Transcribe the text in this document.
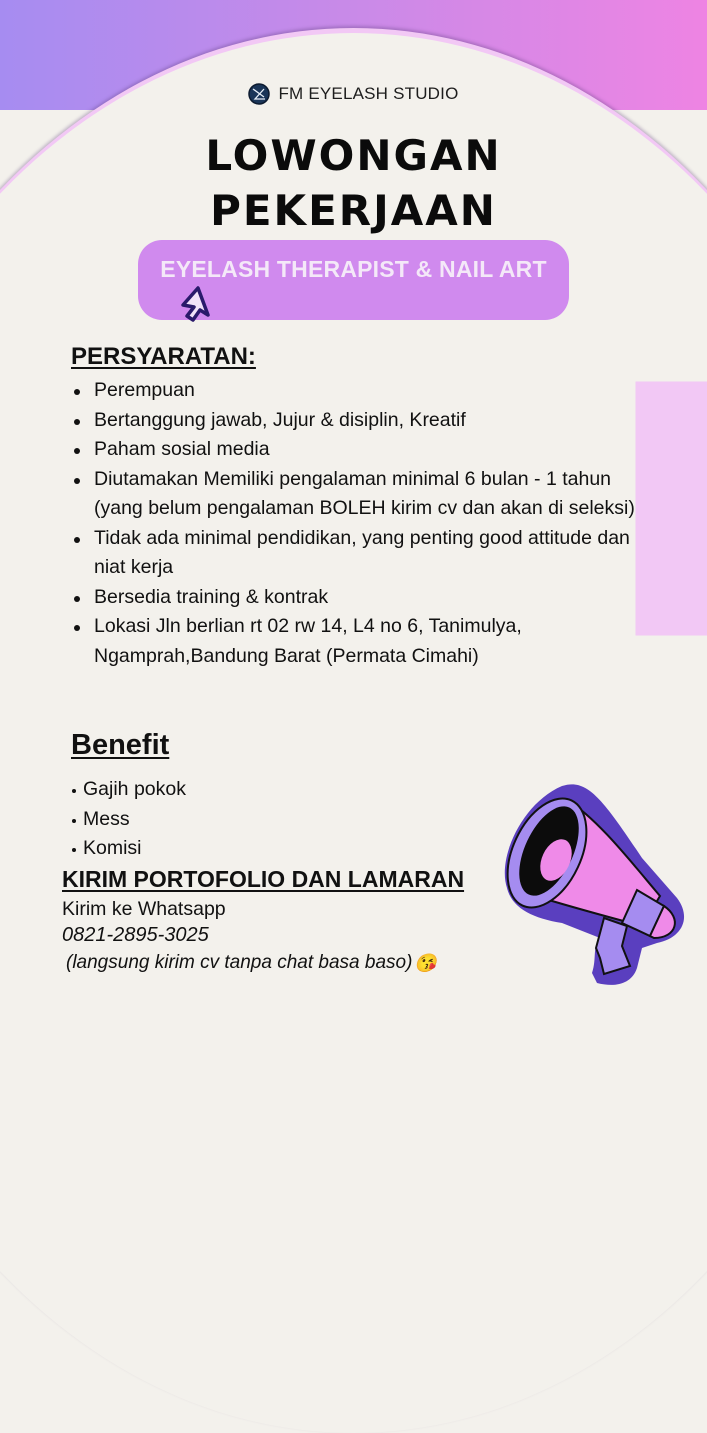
FM EYELASH STUDIO
LOWONGAN
PEKERJAAN
EYELASH THERAPIST & NAIL ART
PERSYARATAN:
Perempuan
Bertanggung jawab, Jujur & disiplin, Kreatif
Paham sosial media
Diutamakan Memiliki pengalaman minimal 6 bulan - 1 tahun (yang belum pengalaman BOLEH kirim cv dan akan di seleksi)
Tidak ada minimal pendidikan, yang penting good attitude dan niat kerja
Bersedia training & kontrak
Lokasi Jln berlian rt 02 rw 14, L4 no 6, Tanimulya, Ngamprah,Bandung Barat (Permata Cimahi)
Benefit
Gajih pokok
Mess
Komisi
KIRIM PORTOFOLIO DAN LAMARAN
Kirim ke Whatsapp
0821-2895-3025
(langsung kirim cv tanpa chat basa baso) 😘
